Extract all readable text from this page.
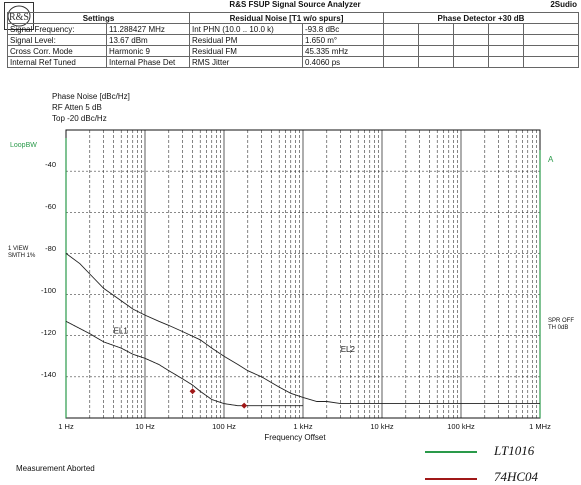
R&S
R&S FSUP Signal Source Analyzer	2Sudio
Settings		Residual Noise [T1 w/o spurs]		Phase Detector +30 dB				
Signal Frequency:	11.288427 MHz	Int PHN (10.0 .. 10.0 k)	-93.8 dBc					
Signal Level:	13.67 dBm	Residual PM	1.650 m°					
Cross Corr. Mode	Harmonic 9	Residual FM	45.335 mHz					
Internal Ref Tuned	Internal Phase Det	RMS Jitter	0.4060 ps					
Phase Noise [dBc/Hz]
RF Atten 5 dB
Top -20 dBc/Hz
LoopBW
1 VIEW
SMTH 1%
SPR OFF
TH 0dB
A
EL1
EL2
-40
-60
-80
-100
-120
-140
1 Hz	10 Hz	100 Hz	1 kHz	10 kHz	100 kHz	1 MHz
Frequency Offset
Measurement Aborted
LT1016
74HC04
